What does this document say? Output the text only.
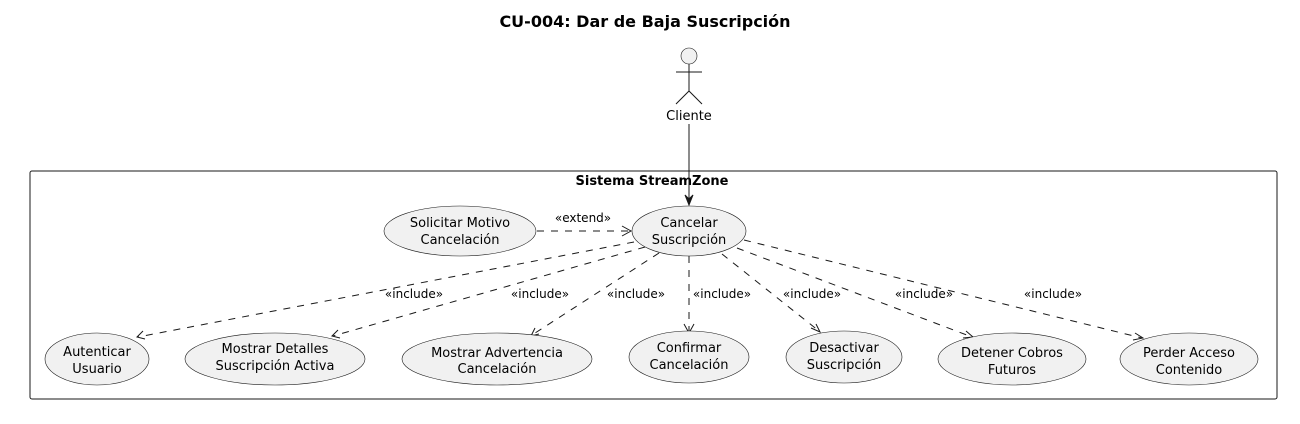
CU-004: Dar de Baja Suscripción
Sistema StreamZone
Cliente
Solicitar Motivo
Cancelación
Cancelar
Suscripción
«extend»
«include»	«include»	«include» «include»	«include»	«include»	«include»
Autenticar
Usuario
Mostrar Detalles
Suscripción Activa
Mostrar Advertencia
Cancelación
Confirmar
Cancelación
Desactivar
Suscripción
Detener Cobros
Futuros
Perder Acceso
Contenido
